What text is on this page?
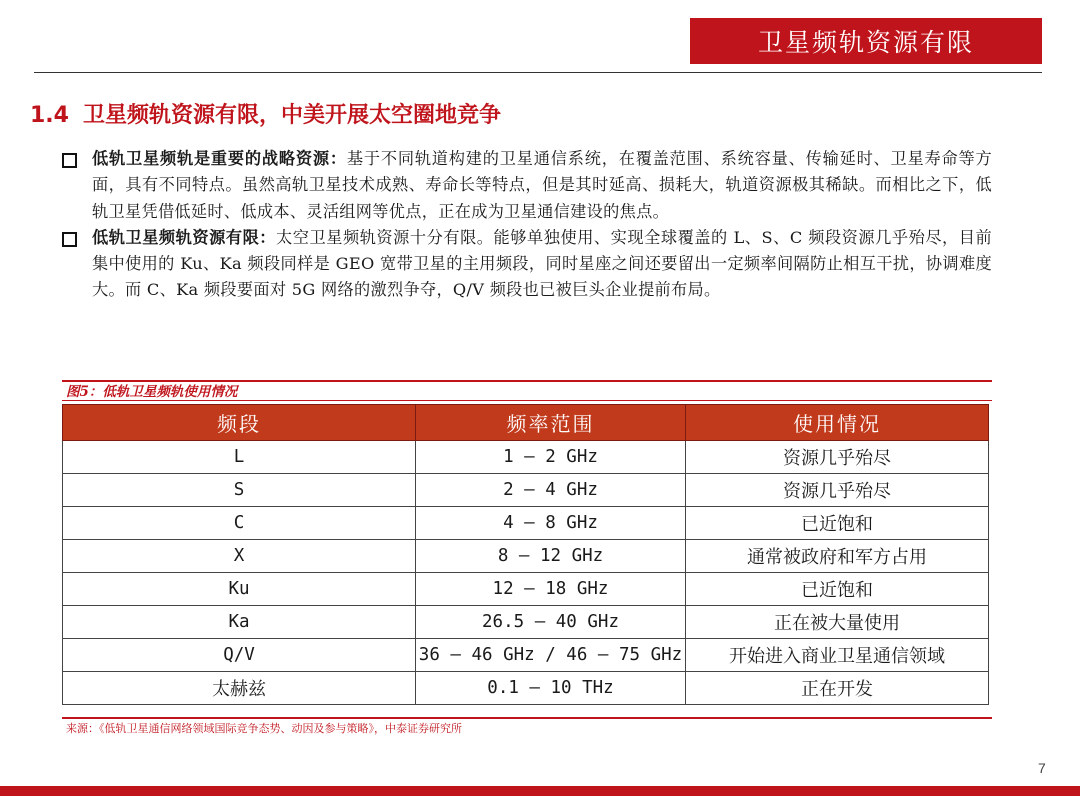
卫星频轨资源有限
1.4 卫星频轨资源有限，中美开展太空圈地竞争
低轨卫星频轨是重要的战略资源：基于不同轨道构建的卫星通信系统，在覆盖范围、系统容量、传输延时、卫星寿命等方面，具有不同特点。虽然高轨卫星技术成熟、寿命长等特点，但是其时延高、损耗大，轨道资源极其稀缺。而相比之下，低轨卫星凭借低延时、低成本、灵活组网等优点，正在成为卫星通信建设的焦点。
低轨卫星频轨资源有限：太空卫星频轨资源十分有限。能够单独使用、实现全球覆盖的 L、S、C 频段资源几乎殆尽，目前集中使用的 Ku、Ka 频段同样是 GEO 宽带卫星的主用频段，同时星座之间还要留出一定频率间隔防止相互干扰，协调难度大。而 C、Ka 频段要面对 5G 网络的激烈争夺，Q/V 频段也已被巨头企业提前布局。
图5：低轨卫星频轨使用情况
频段	频率范围	使用情况
L	1 – 2 GHz	资源几乎殆尽
S	2 – 4 GHz	资源几乎殆尽
C	4 – 8 GHz	已近饱和
X	8 – 12 GHz	通常被政府和军方占用
Ku	12 – 18 GHz	已近饱和
Ka	26.5 – 40 GHz	正在被大量使用
Q/V	36 – 46 GHz / 46 – 75 GHz	开始进入商业卫星通信领域
太赫兹	0.1 – 10 THz	正在开发
来源：《低轨卫星通信网络领域国际竞争态势、动因及参与策略》，中泰证券研究所
7
